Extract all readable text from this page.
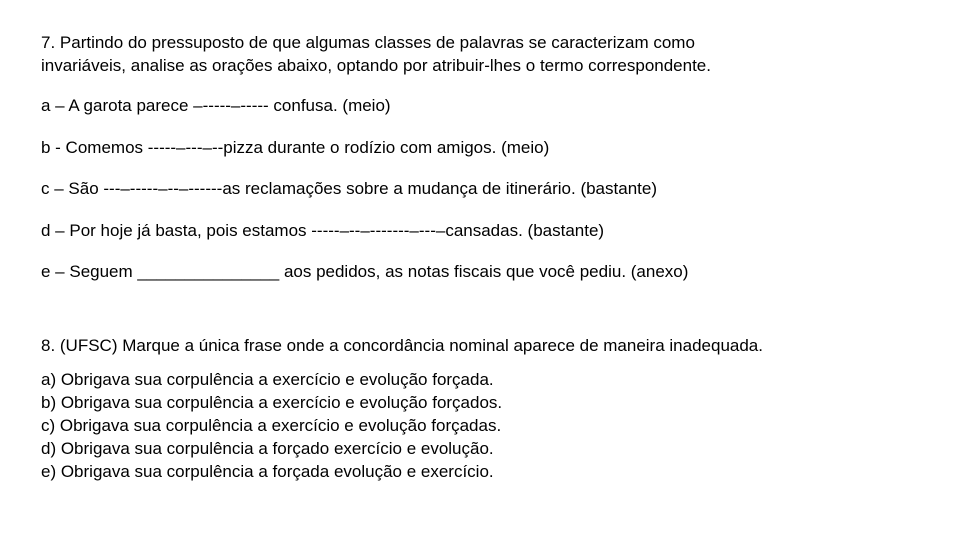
7. Partindo do pressuposto de que algumas classes de palavras se caracterizam como

invariáveis, analise as orações abaixo, optando por atribuir-lhes o termo correspondente.

a – A garota parece –-----–----- confusa. (meio)
b - Comemos -----–---–--pizza durante o rodízio com amigos. (meio)
c – São ---–-----–--–------as reclamações sobre a mudança de itinerário. (bastante)
d – Por hoje já basta, pois estamos -----–--–-------–---–cansadas. (bastante)
e – Seguem _______________ aos pedidos, as notas fiscais que você pediu. (anexo)
8. (UFSC) Marque a única frase onde a concordância nominal aparece de maneira inadequada.
a) Obrigava sua corpulência a exercício e evolução forçada.
b) Obrigava sua corpulência a exercício e evolução forçados.
c) Obrigava sua corpulência a exercício e evolução forçadas.
d) Obrigava sua corpulência a forçado exercício e evolução.
e) Obrigava sua corpulência a forçada evolução e exercício.
